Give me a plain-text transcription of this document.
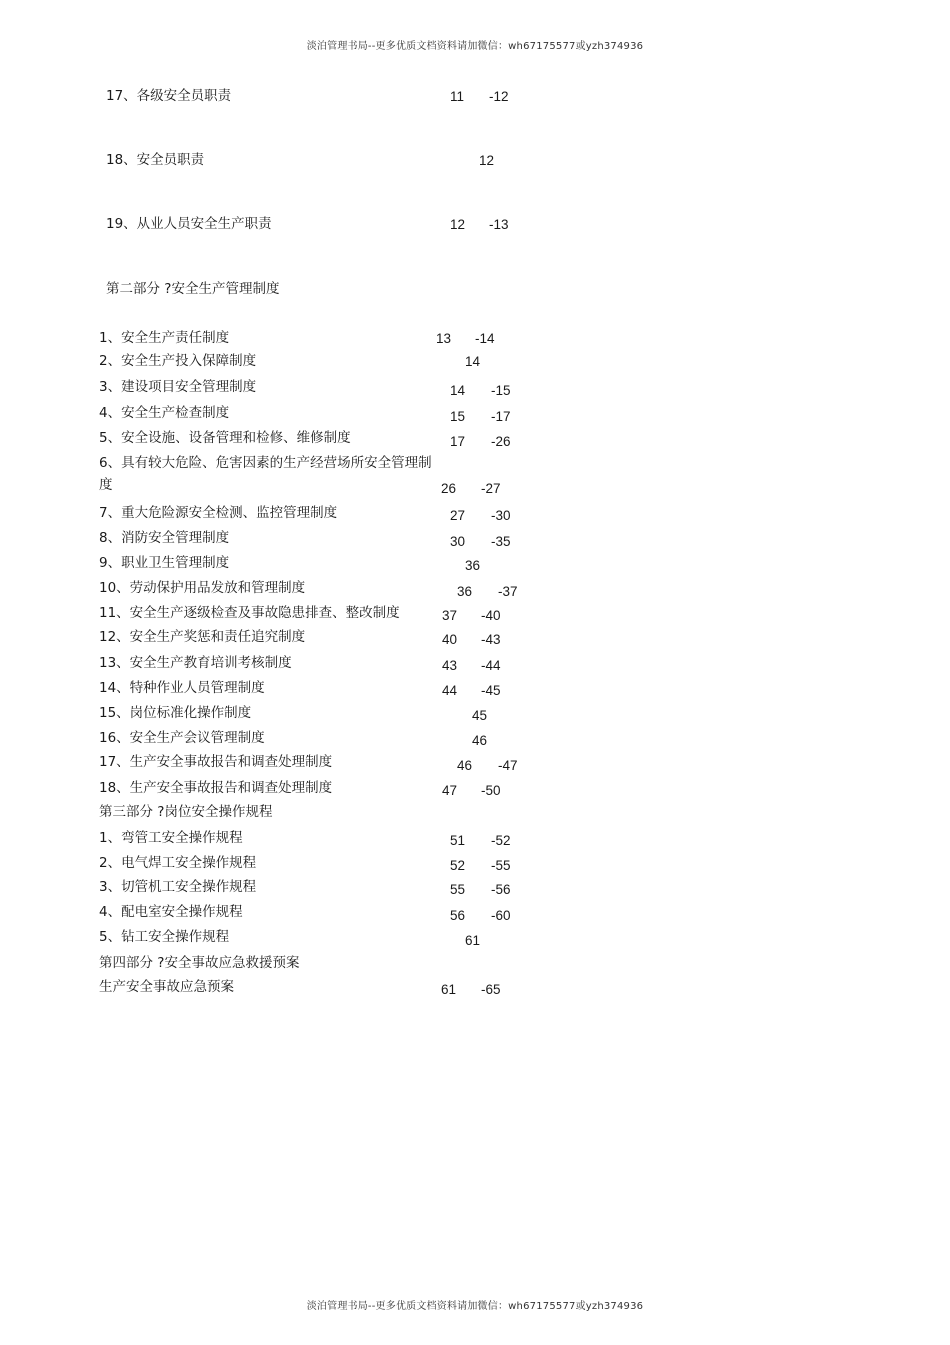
淡泊管理书局--更多优质文档资料请加微信：wh67175577或yzh374936
17、各级安全员职责	11 -12
18、安全员职责	12
19、从业人员安全生产职责	12 -13
第二部分 ?安全生产管理制度
1、安全生产责任制度	13 -14
2、安全生产投入保障制度	14
3、建设项目安全管理制度	14 -15
4、安全生产检查制度	15 -17
5、安全设施、设备管理和检修、维修制度	17 -26
6、具有较大危险、危害因素的生产经营场所安全管理制
度	26 -27
7、重大危险源安全检测、监控管理制度	27 -30
8、消防安全管理制度	30 -35
9、职业卫生管理制度	36
10、劳动保护用品发放和管理制度	36 -37
11、安全生产逐级检查及事故隐患排查、整改制度	37 -40
12、安全生产奖惩和责任追究制度	40 -43
13、安全生产教育培训考核制度	43 -44
14、特种作业人员管理制度	44 -45
15、岗位标准化操作制度	45
16、安全生产会议管理制度	46
17、生产安全事故报告和调查处理制度	46 -47
18、生产安全事故报告和调查处理制度	47 -50
第三部分 ?岗位安全操作规程
1、弯管工安全操作规程	51 -52
2、电气焊工安全操作规程	52 -55
3、切管机工安全操作规程	55 -56
4、配电室安全操作规程	56 -60
5、钻工安全操作规程	61
第四部分 ?安全事故应急救援预案
生产安全事故应急预案	61 -65
淡泊管理书局--更多优质文档资料请加微信：wh67175577或yzh374936
